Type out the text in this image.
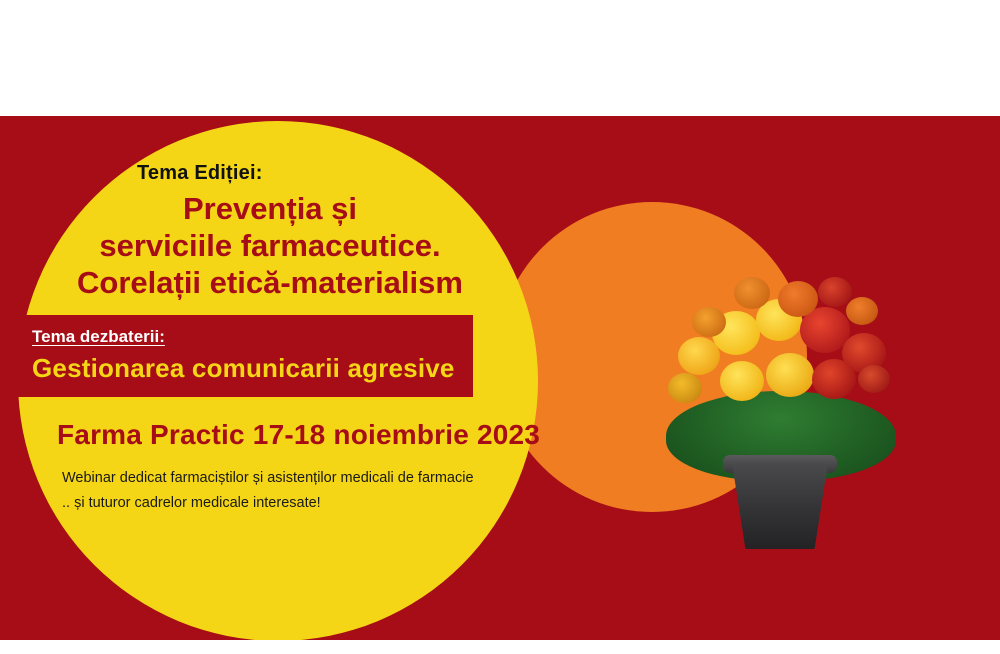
Tema Ediției:
Prevenția și
serviciile farmaceutice.
Corelații etică-materialism
Tema dezbaterii:
Gestionarea comunicarii agresive
Farma Practic 17-18 noiembrie 2023
Webinar dedicat farmaciștilor și asistenților medicali de farmacie
.. și tuturor cadrelor medicale interesate!
